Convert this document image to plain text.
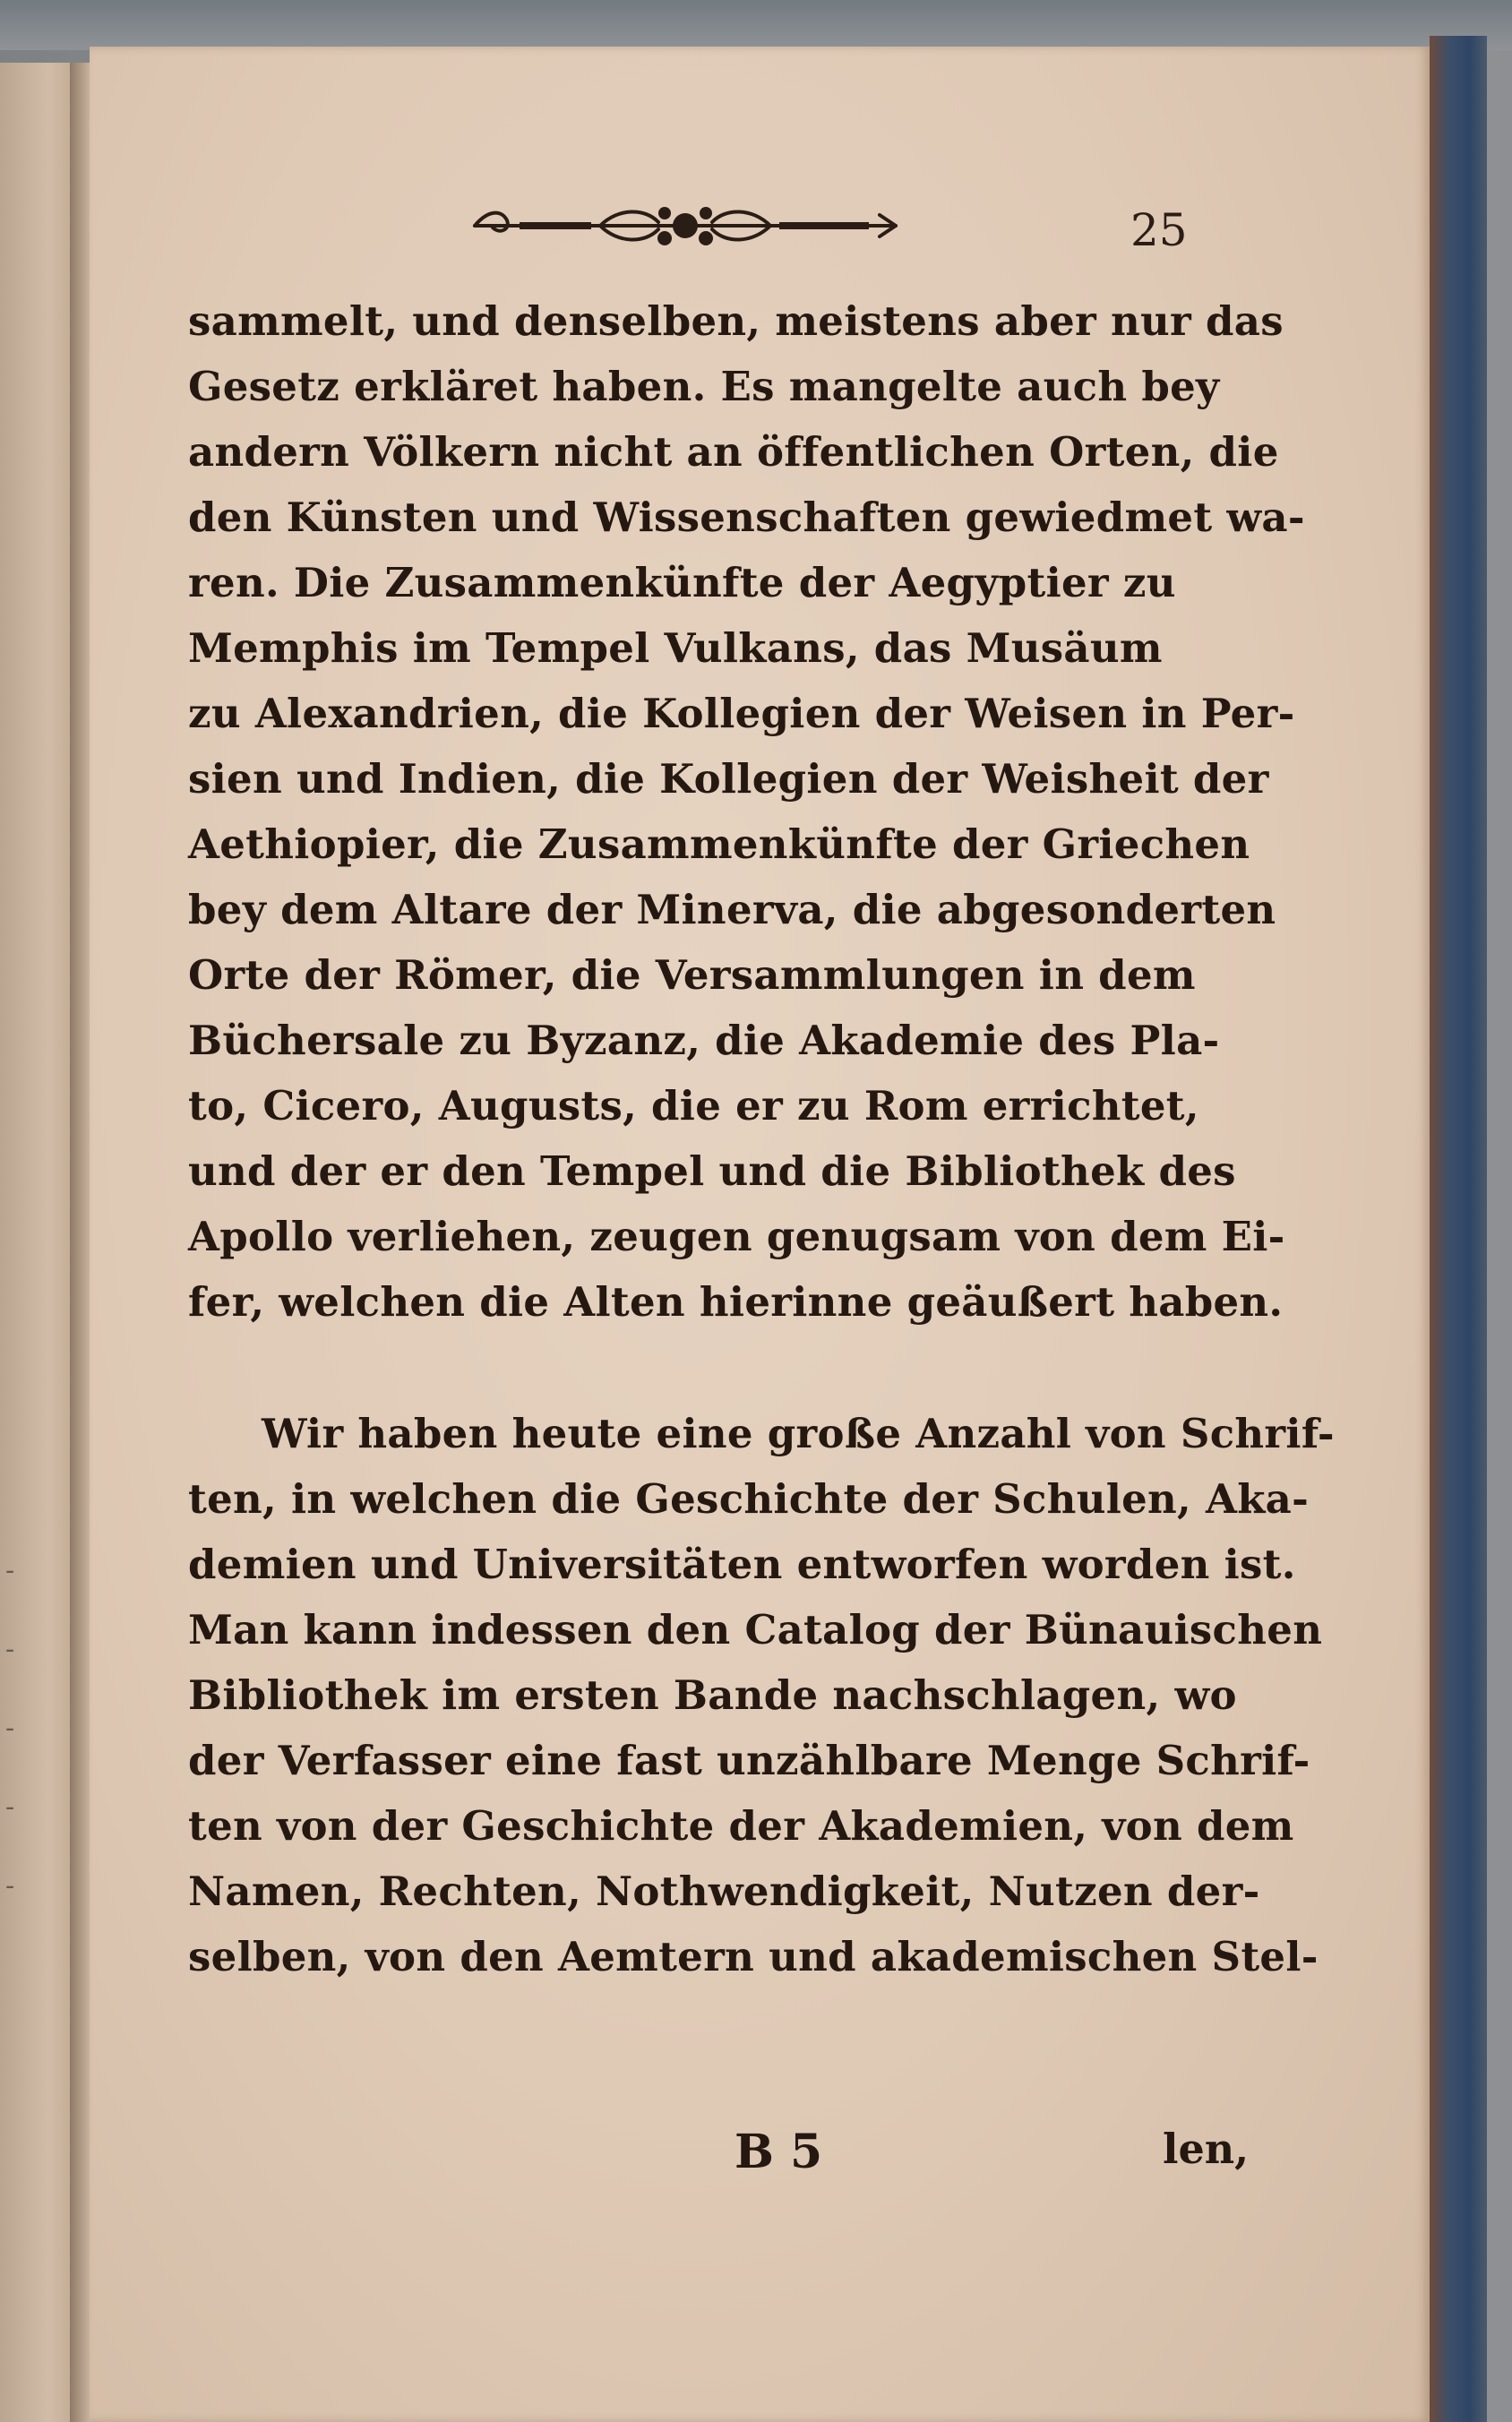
-
-
-
-
-
25
sammelt, und denselben, meistens aber nur das
Gesetz erkläret haben. Es mangelte auch bey
andern Völkern nicht an öffentlichen Orten, die
den Künsten und Wissenschaften gewiedmet wa-
ren. Die Zusammenkünfte der Aegyptier zu
Memphis im Tempel Vulkans, das Musäum
zu Alexandrien, die Kollegien der Weisen in Per-
sien und Indien, die Kollegien der Weisheit der
Aethiopier, die Zusammenkünfte der Griechen
bey dem Altare der Minerva, die abgesonderten
Orte der Römer, die Versammlungen in dem
Büchersale zu Byzanz, die Akademie des Pla-
to, Cicero, Augusts, die er zu Rom errichtet,
und der er den Tempel und die Bibliothek des
Apollo verliehen, zeugen genugsam von dem Ei-
fer, welchen die Alten hierinne geäußert haben.
Wir haben heute eine große Anzahl von Schrif-
ten, in welchen die Geschichte der Schulen, Aka-
demien und Universitäten entworfen worden ist.
Man kann indessen den Catalog der Bünauischen
Bibliothek im ersten Bande nachschlagen, wo
der Verfasser eine fast unzählbare Menge Schrif-
ten von der Geschichte der Akademien, von dem
Namen, Rechten, Nothwendigkeit, Nutzen der-
selben, von den Aemtern und akademischen Stel-
B 5	len,
